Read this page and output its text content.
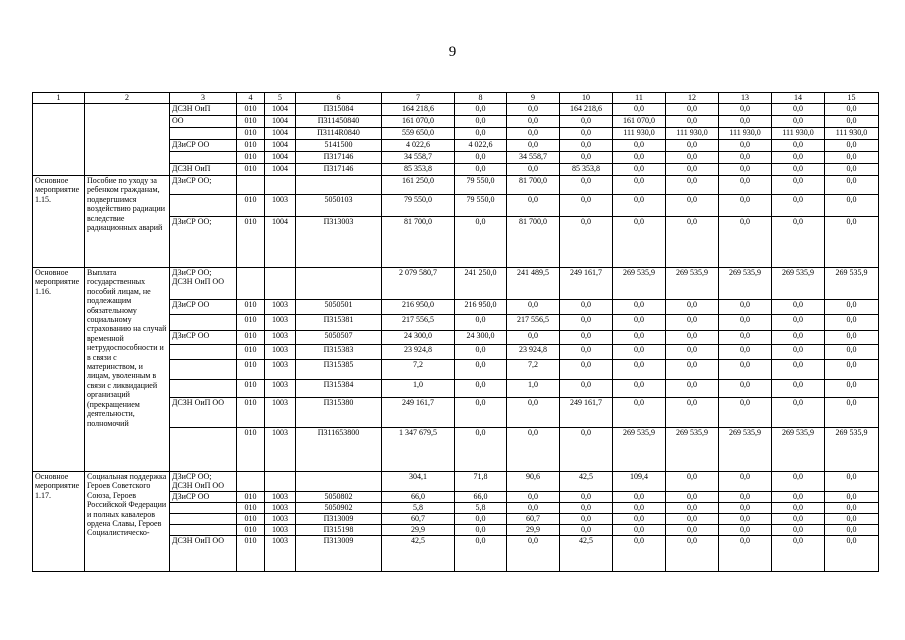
9
1	2	3	4	5	6	7	8	9	10	11	12	13	14	15
		ДСЗН ОиП	010	1004	П315084	164 218,6	0,0	0,0	164 218,6	0,0	0,0	0,0	0,0	0,0
		ОО	010	1004	П311450840	161 070,0	0,0	0,0	0,0	161 070,0	0,0	0,0	0,0	0,0
			010	1004	П3114R0840	559 650,0	0,0	0,0	0,0	111 930,0	111 930,0	111 930,0	111 930,0	111 930,0
		ДЗиСР ОО	010	1004	5141500	4 022,6	4 022,6	0,0	0,0	0,0	0,0	0,0	0,0	0,0
			010	1004	П317146	34 558,7	0,0	34 558,7	0,0	0,0	0,0	0,0	0,0	0,0
		ДСЗН ОиП	010	1004	П317146	85 353,8	0,0	0,0	85 353,8	0,0	0,0	0,0	0,0	0,0
Основное мероприятие 1.15.	Пособие по уходу за ребенком гражданам, подвергшимся воздействию радиации вследствие радиационных аварий	ДЗиСР ОО;				161 250,0	79 550,0	81 700,0	0,0	0,0	0,0	0,0	0,0	0,0
			010	1003	5050103	79 550,0	79 550,0	0,0	0,0	0,0	0,0	0,0	0,0	0,0
		ДЗиСР ОО;	010	1004	П313003	81 700,0	0,0	81 700,0	0,0	0,0	0,0	0,0	0,0	0,0
Основное мероприятие 1.16.	Выплата государственных пособий лицам, не подлежащим обязательному социальному страхованию на случай временной нетрудоспособности и в связи с материнством, и лицам, уволенным в связи с ликвидацией организаций (прекращением деятельности, полномочий	ДЗиСР ОО; ДСЗН ОиП ОО				2 079 580,7	241 250,0	241 489,5	249 161,7	269 535,9	269 535,9	269 535,9	269 535,9	269 535,9
		ДЗиСР ОО	010	1003	5050501	216 950,0	216 950,0	0,0	0,0	0,0	0,0	0,0	0,0	0,0
			010	1003	П315381	217 556,5	0,0	217 556,5	0,0	0,0	0,0	0,0	0,0	0,0
		ДЗиСР ОО	010	1003	5050507	24 300,0	24 300,0	0,0	0,0	0,0	0,0	0,0	0,0	0,0
			010	1003	П315383	23 924,8	0,0	23 924,8	0,0	0,0	0,0	0,0	0,0	0,0
			010	1003	П315385	7,2	0,0	7,2	0,0	0,0	0,0	0,0	0,0	0,0
			010	1003	П315384	1,0	0,0	1,0	0,0	0,0	0,0	0,0	0,0	0,0
		ДСЗН ОиП ОО	010	1003	П315380	249 161,7	0,0	0,0	249 161,7	0,0	0,0	0,0	0,0	0,0
			010	1003	П311653800	1 347 679,5	0,0	0,0	0,0	269 535,9	269 535,9	269 535,9	269 535,9	269 535,9
Основное мероприятие 1.17.	Социальная поддержка Героев Советского Союза, Героев Российской Федерации и полных кавалеров ордена Славы, Героев Социалистическо-	ДЗиСР ОО; ДСЗН ОиП ОО				304,1	71,8	90,6	42,5	109,4	0,0	0,0	0,0	0,0
		ДЗиСР ОО	010	1003	5050802	66,0	66,0	0,0	0,0	0,0	0,0	0,0	0,0	0,0
			010	1003	5050902	5,8	5,8	0,0	0,0	0,0	0,0	0,0	0,0	0,0
			010	1003	П313009	60,7	0,0	60,7	0,0	0,0	0,0	0,0	0,0	0,0
			010	1003	П315198	29,9	0,0	29,9	0,0	0,0	0,0	0,0	0,0	0,0
		ДСЗН ОиП ОО	010	1003	П313009	42,5	0,0	0,0	42,5	0,0	0,0	0,0	0,0	0,0
